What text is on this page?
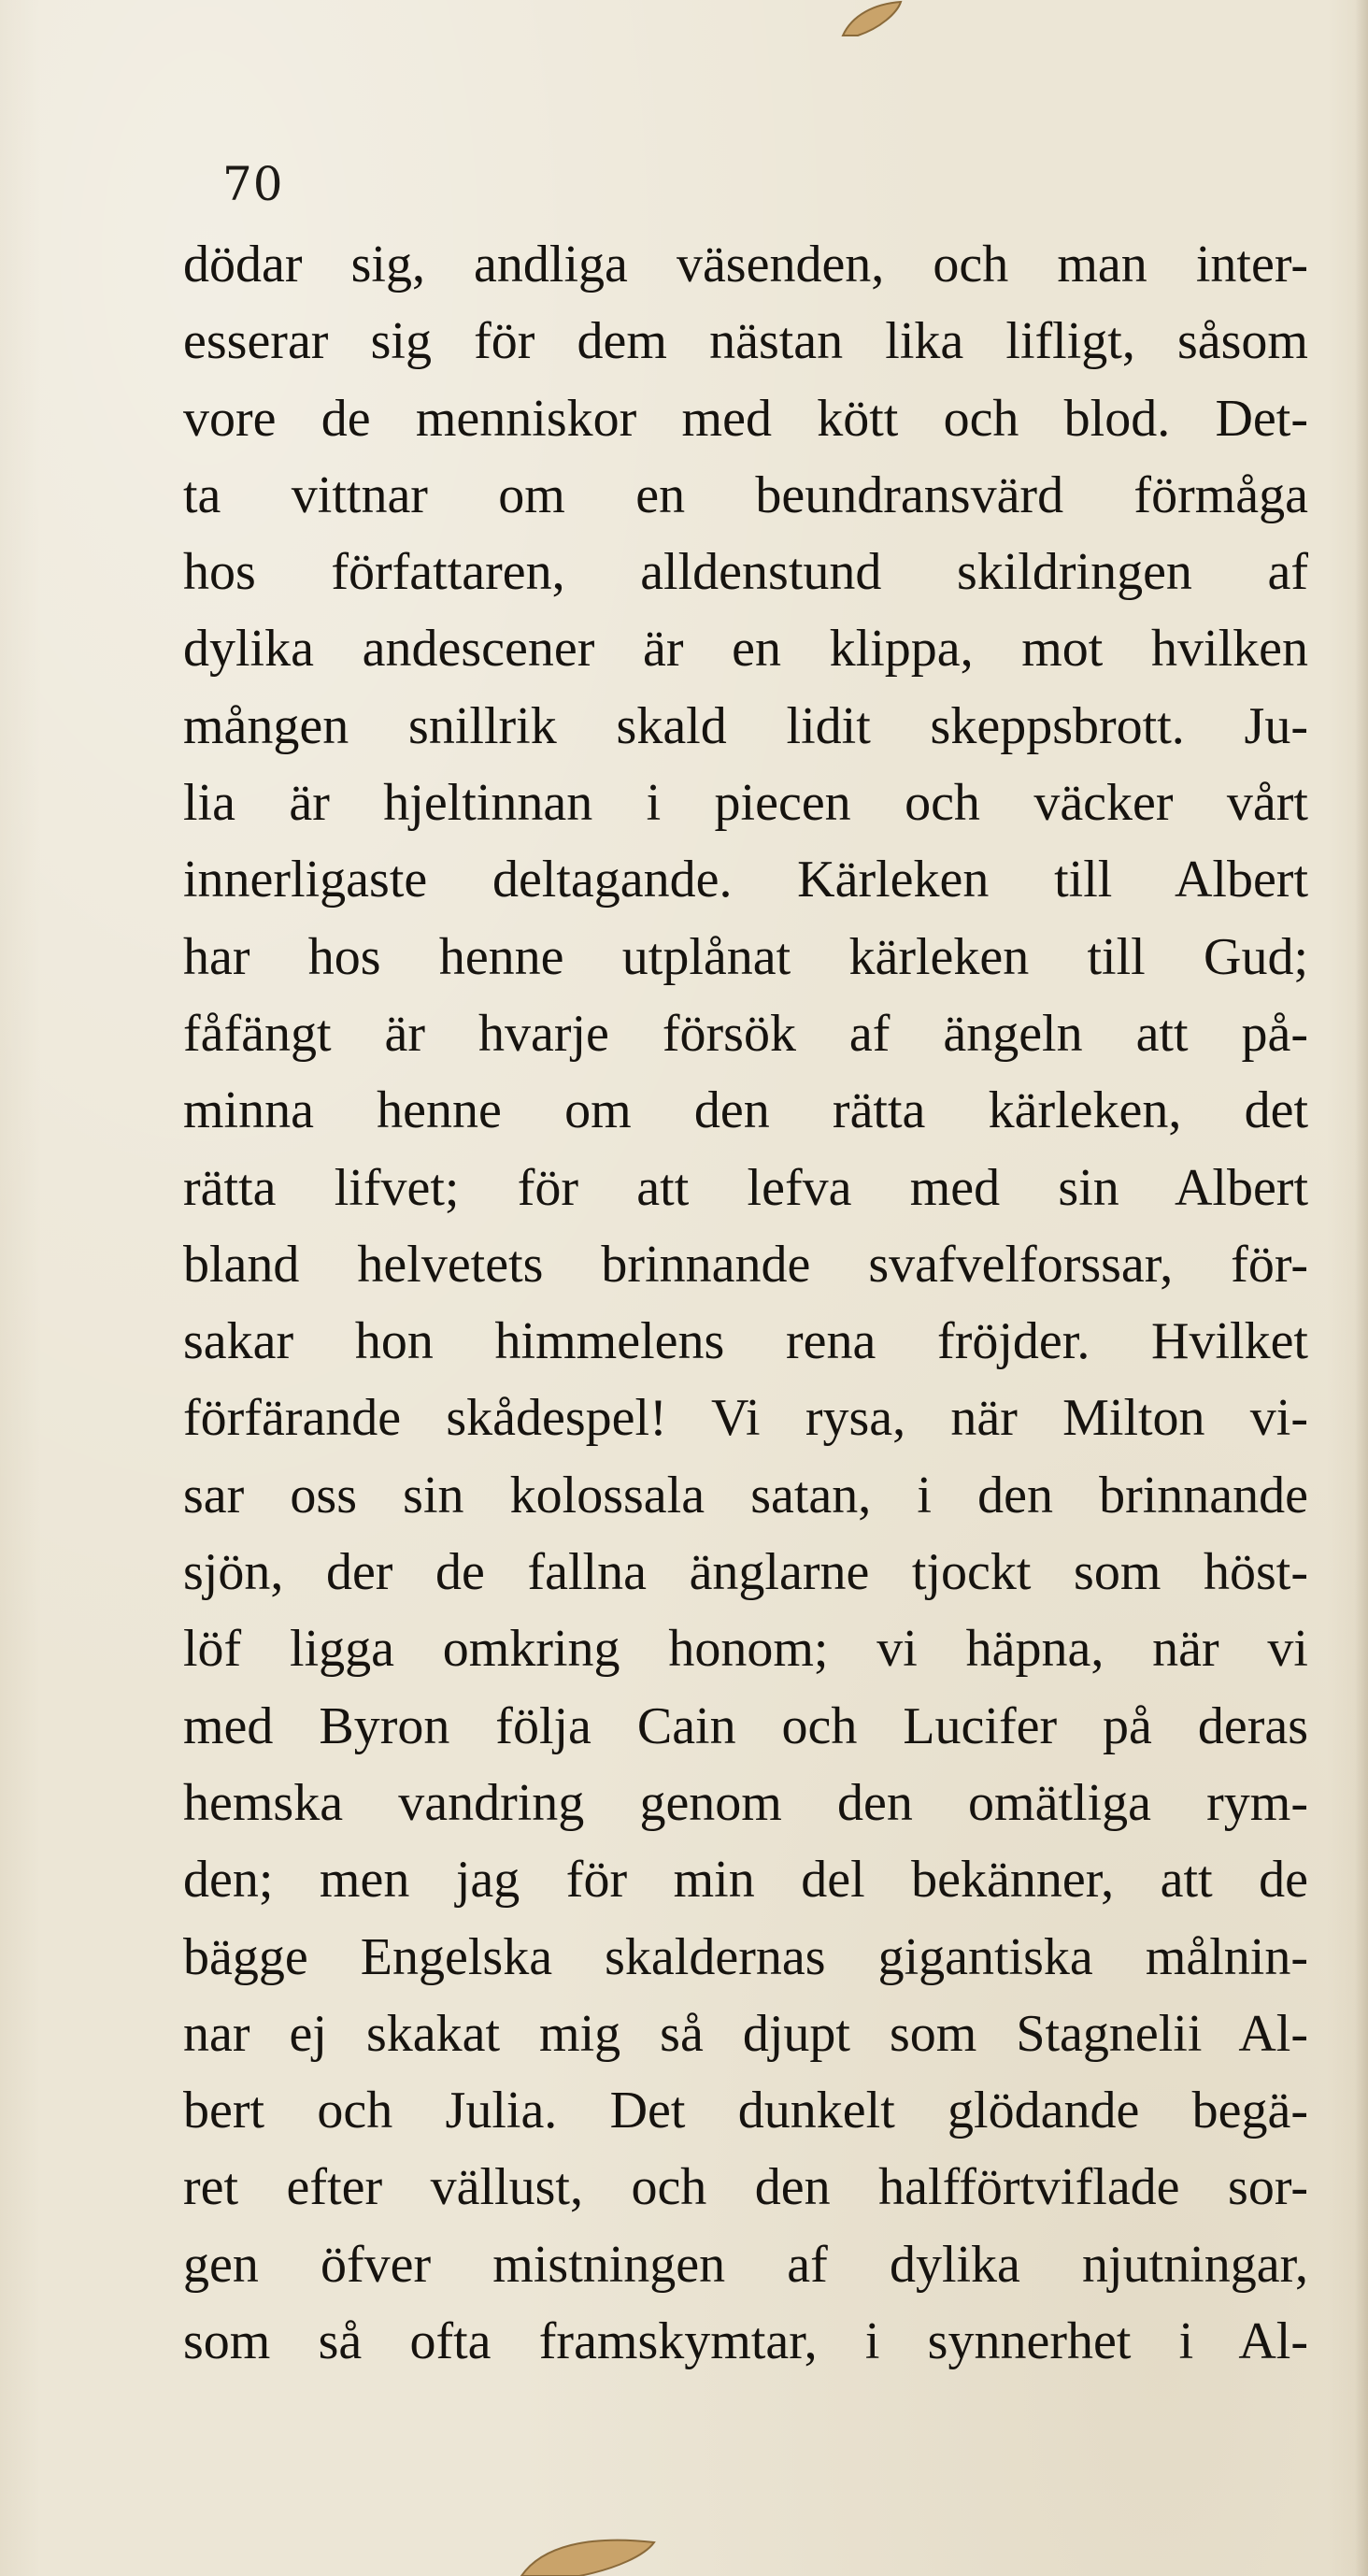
70
dödar sig, andliga väsenden, och man inter-
esserar sig för dem nästan lika lifligt, såsom
vore de menniskor med kött och blod. Det-
ta vittnar om en beundransvärd förmåga
hos författaren, alldenstund skildringen af
dylika andescener är en klippa, mot hvilken
mången snillrik skald lidit skeppsbrott. Ju-
lia är hjeltinnan i piecen och väcker vårt
innerligaste deltagande. Kärleken till Albert
har hos henne utplånat kärleken till Gud;
fåfängt är hvarje försök af ängeln att på-
minna henne om den rätta kärleken, det
rätta lifvet; för att lefva med sin Albert
bland helvetets brinnande svafvelforssar, för-
sakar hon himmelens rena fröjder. Hvilket
förfärande skådespel! Vi rysa, när Milton vi-
sar oss sin kolossala satan, i den brinnande
sjön, der de fallna änglarne tjockt som höst-
löf ligga omkring honom; vi häpna, när vi
med Byron följa Cain och Lucifer på deras
hemska vandring genom den omätliga rym-
den; men jag för min del bekänner, att de
bägge Engelska skaldernas gigantiska målnin-
nar ej skakat mig så djupt som Stagnelii Al-
bert och Julia. Det dunkelt glödande begä-
ret efter vällust, och den halfförtviflade sor-
gen öfver mistningen af dylika njutningar,
som så ofta framskymtar, i synnerhet i Al-
